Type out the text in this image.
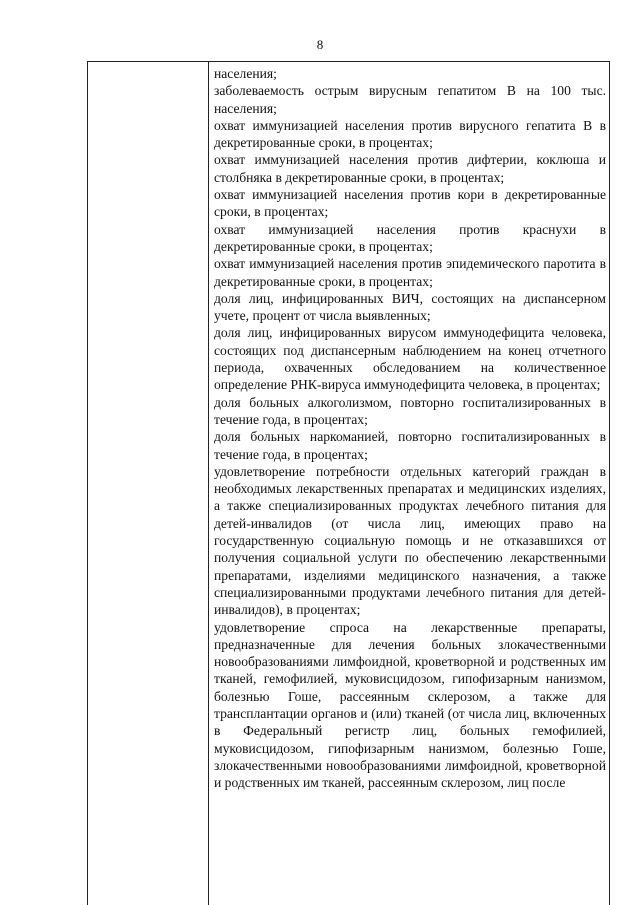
8

населения;

заболеваемость острым вирусным гепатитом В на 100 тыс. населения;

охват иммунизацией населения против вирусного гепатита В в декретированные сроки, в процентах;

охват иммунизацией населения против дифтерии, коклюша и столбняка в декретированные сроки, в процентах;

охват иммунизацией населения против кори в декретированные сроки, в процентах;

охват иммунизацией населения против краснухи в декретированные сроки, в процентах;

охват иммунизацией населения против эпидемического паротита в декретированные сроки, в процентах;

доля лиц, инфицированных ВИЧ, состоящих на диспансерном учете, процент от числа выявленных;

доля лиц, инфицированных вирусом иммунодефицита человека, состоящих под диспансерным наблюдением на конец отчетного периода, охваченных обследованием на количественное определение РНК-вируса иммунодефицита человека, в процентах;

доля больных алкоголизмом, повторно госпитализированных в течение года, в процентах;

доля больных наркоманией, повторно госпитализированных в течение года, в процентах;

удовлетворение потребности отдельных категорий граждан в необходимых лекарственных препаратах и медицинских изделиях, а также специализированных продуктах лечебного питания для детей-инвалидов (от числа лиц, имеющих право на государственную социальную помощь и не отказавшихся от получения социальной услуги по обеспечению лекарственными препаратами, изделиями медицинского назначения, а также специализированными продуктами лечебного питания для детей-инвалидов), в процентах;

удовлетворение спроса на лекарственные препараты, предназначенные для лечения больных злокачественными новообразованиями лимфоидной, кроветворной и родственных им тканей, гемофилией, муковисцидозом, гипофизарным нанизмом, болезнью Гоше, рассеянным склерозом, а также для трансплантации органов и (или) тканей (от числа лиц, включенных в Федеральный регистр лиц, больных гемофилией, муковисцидозом, гипофизарным нанизмом, болезнью Гоше, злокачественными новообразованиями лимфоидной, кроветворной и родственных им тканей, рассеянным склерозом, лиц после
